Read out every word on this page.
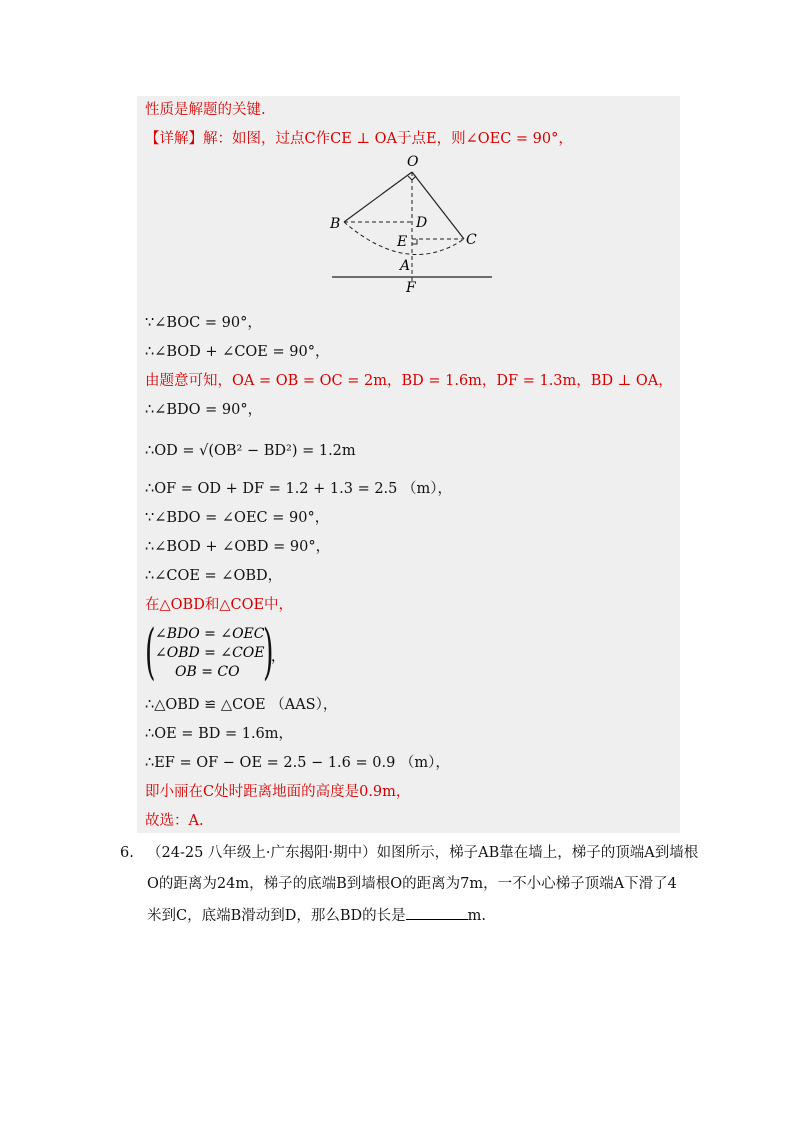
性质是解题的关键.
【详解】解：如图，过点C作CE ⊥ OA于点E，则∠OEC = 90°，
O
B	D
E	C
A
F
∵∠BOC = 90°，
∴∠BOD + ∠COE = 90°，
由题意可知，OA = OB = OC = 2m，BD = 1.6m，DF = 1.3m，BD ⊥ OA，
∴∠BDO = 90°，
∴OD = √(OB² − BD²) = 1.2m
∴OF = OD + DF = 1.2 + 1.3 = 2.5 （m），
∵∠BDO = ∠OEC = 90°，
∴∠BOD + ∠OBD = 90°，
∴∠COE = ∠OBD，
在△OBD和△COE中，
( ∠BDO = ∠OEC
∠OBD = ∠COE
OB = CO )
，
∴△OBD ≌ △COE （AAS），
∴OE = BD = 1.6m，
∴EF = OF − OE = 2.5 − 1.6 = 0.9 （m），
即小丽在C处时距离地面的高度是0.9m，
故选：A.
6. （24-25 八年级上·广东揭阳·期中）如图所示，梯子AB靠在墙上，梯子的顶端A到墙根
O的距离为24m，梯子的底端B到墙根O的距离为7m，一不小心梯子顶端A下滑了4
米到C，底端B滑动到D，那么BD的长是	m.
